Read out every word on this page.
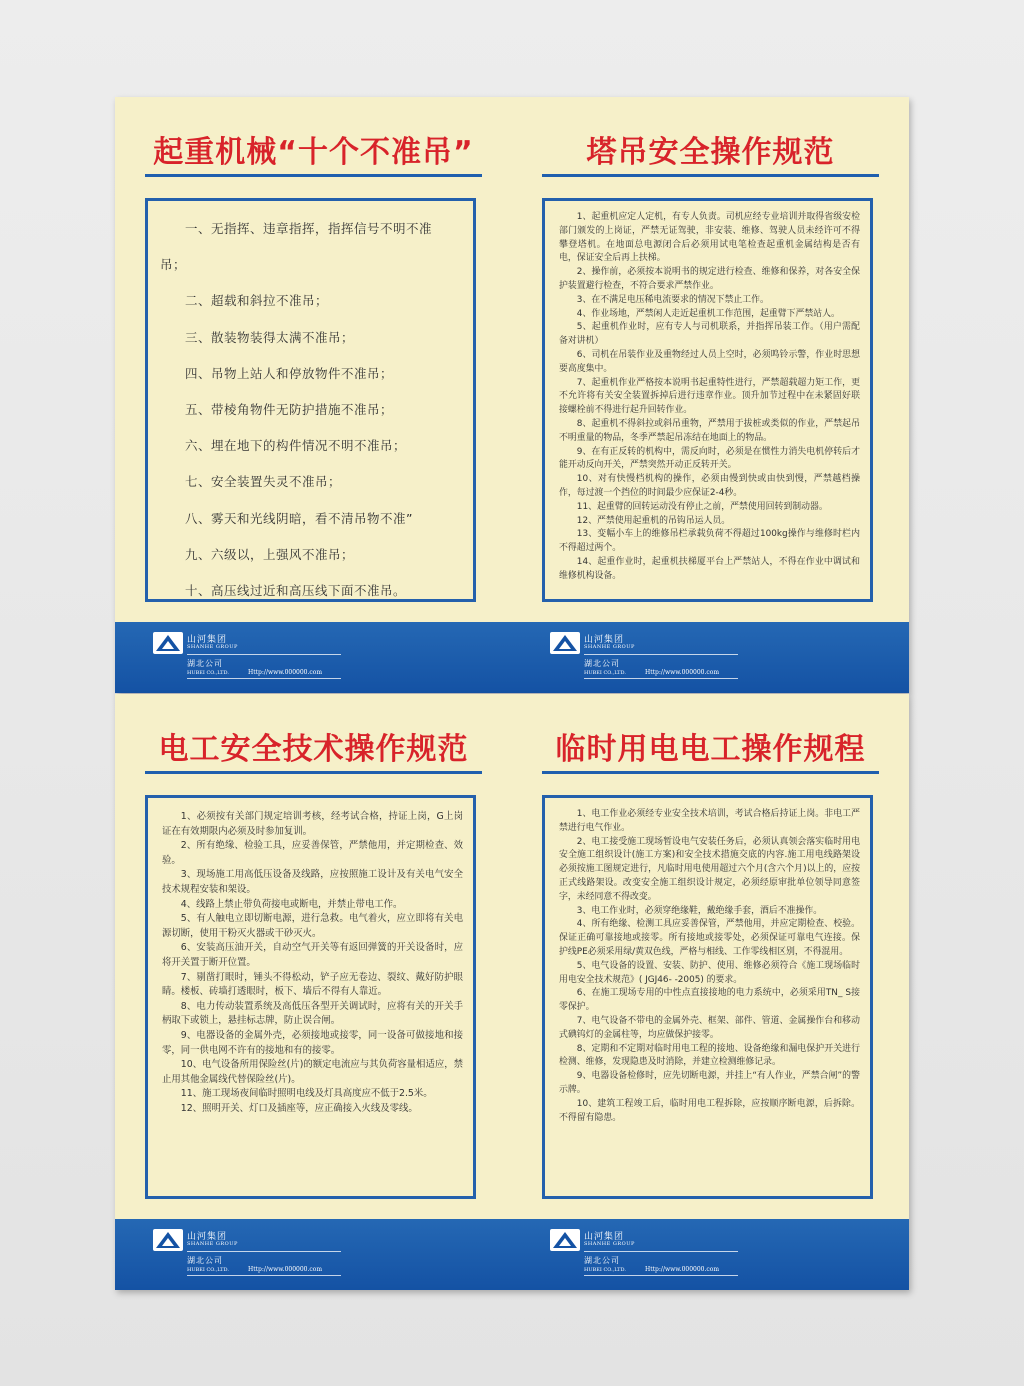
起重机械“十个不准吊”

一、无指挥、违章指挥，指挥信号不明不准

吊；

二、超载和斜拉不准吊；

三、散装物装得太满不准吊；

四、吊物上站人和停放物件不准吊；

五、带棱角物件无防护措施不准吊；

六、埋在地下的构件情况不明不准吊；

七、安全装置失灵不准吊；

八、雾天和光线阴暗，看不清吊物不准”

九、六级以，上强风不准吊；

十、高压线过近和高压线下面不准吊。

塔吊安全操作规范

1、起重机应定人定机，有专人负责。司机应经专业培训并取得省级安检部门颁发的上岗证，严禁无证驾驶，非安装、维修、驾驶人员未经许可不得攀登塔机。在地面总电源闭合后必须用试电笔检查起重机金属结构是否有电，保证安全后再上扶梯。

2、操作前，必须按本说明书的规定进行检查、维修和保养，对各安全保护装置避行检查，不符合要求严禁作业。

3、在不满足电压稀电流要求的情况下禁止工作。

4、作业场地，严禁闲人走近起重机工作范围，起重臂下严禁站人。

5、起重机作业时，应有专人与司机联系，并指挥吊装工作。（用户需配备对讲机）

6、司机在吊装作业及重物经过人员上空时，必须鸣铃示警，作业时思想要高度集中。

7、起重机作业严格按本说明书起重特性进行，严禁超载超力矩工作，更不允许将有关安全装置拆掉后进行违章作业。顶升加节过程中在未紧固好联接螺栓前不得进行起升回转作业。

8、起重机不得斜拉或斜吊重物，严禁用于拔桩或类似的作业，严禁起吊不明重量的物品，冬季严禁起吊冻结在地面上的物品。

9、在有正反转的机构中，需反向时，必须是在惯性力消失电机停转后才能开动反向开关，严禁突然开动正反转开关。

10、对有快慢档机构的操作，必须由慢到快或由快到慢，严禁越档操作，每过渡一个挡位的时间最少应保证2-4秒。

11、起重臂的回转运动没有停止之前，严禁使用回转到制动器。

12、严禁使用起重机的吊钩吊运人员。

13、变幅小车上的维修吊栏承载负荷不得超过100kg操作与维修时栏内不得超过两个。

14、起重作业时，起重机扶梯厦平台上严禁站人，不得在作业中调试和维修机构设备。

山河集团
SHANHE GROUP
湖北公司
HUBEI CO.,LTD.	Http://www.000000.com
山河集团
SHANHE GROUP
湖北公司
HUBEI CO.,LTD.	Http://www.000000.com
电工安全技术操作规范

1、必须按有关部门规定培训考核，经考试合格，持证上岗，G上岗证在有效期限内必须及时参加复训。

2、所有绝缘、检验工具，应妥善保管，严禁他用，并定期检查、效验。

3、现场施工用高低压设备及线路，应按照施工设计及有关电气安全技术规程安装和架设。

4、线路上禁止带负荷接电或断电，并禁止带电工作。

5、有人触电立即切断电源，进行急救。电气着火，应立即将有关电源切断，使用干粉灭火器或干砂灭火。

6、安装高压油开关，自动空气开关等有返回弹簧的开关设备时，应将开关置于断开位置。

7、剔凿打眼时，锤头不得松动，铲子应无卷边、裂纹、戴好防护眼睛。楼板、砖墙打透眼时，板下、墙后不得有人靠近。

8、电力传动装置系统及高低压各型开关调试时，应将有关的开关手柄取下或锁上，悬挂标志牌，防止误合闸。

9、电器设备的金属外壳，必须接地或接零，同一设备可做接地和接零，同一供电网不许有的接地和有的接零。

10、电气设备所用保险丝(片)的额定电流应与其负荷容量相适应，禁止用其他金属线代替保险丝(片)。

11、施工现场夜间临时照明电线及灯具高度应不低于2.5米。

12、照明开关、灯口及插座等，应正确接入火线及零线。

临时用电电工操作规程

1、电工作业必须经专业安全技术培训，考试合格后持证上岗。非电工严禁进行电气作业。

2、电工接受施工现场暂设电气安装任务后，必须认真领会落实临时用电安全施工组织设计(施工方案)和安全技术措施交底的内容.施工用电线路架设必须按施工图规定进行，凡临时用电使用超过六个月(含六个月)以上的，应按正式线路架设。改变安全施工组织设计规定，必须经原审批单位领导同意签字，未经同意不得改变。

3、电工作业时，必须穿绝缘鞋，戴绝缘手套，酒后不准操作。

4、所有绝缘、检测工具应妥善保管，严禁他用，并应定期检查、校验。保证正确可靠接地或接零。所有接地或接零处，必须保证可靠电气连接。保护线PE必须采用绿/黄双色线，严格与相线、工作零线相区别，不得混用。

5、电气设备的设置、安装、防护、使用、维修必须符合《施工现场临时用电安全技术规范》( JGJ46- -2005) 的要求。

6、在施工现场专用的中性点直接接地的电力系统中，必须采用TN_ S接零保护。

7、电气设备不带电的金属外壳、框架、部件、管道、金属操作台和移动式碘钨灯的金属柱等，均应做保护接零。

8、定期和不定期对临时用电工程的接地、设备绝缘和漏电保护开关进行检测、维修，发现隐患及时消除，并建立检测维修记录。

9、电器设备检修时，应先切断电源，并挂上“有人作业，严禁合闸”的警示牌。

10、建筑工程竣工后，临时用电工程拆除，应按顺序断电源，后拆除。不得留有隐患。

山河集团
SHANHE GROUP
湖北公司
HUBEI CO.,LTD.	Http://www.000000.com
山河集团
SHANHE GROUP
湖北公司
HUBEI CO.,LTD.	Http://www.000000.com
